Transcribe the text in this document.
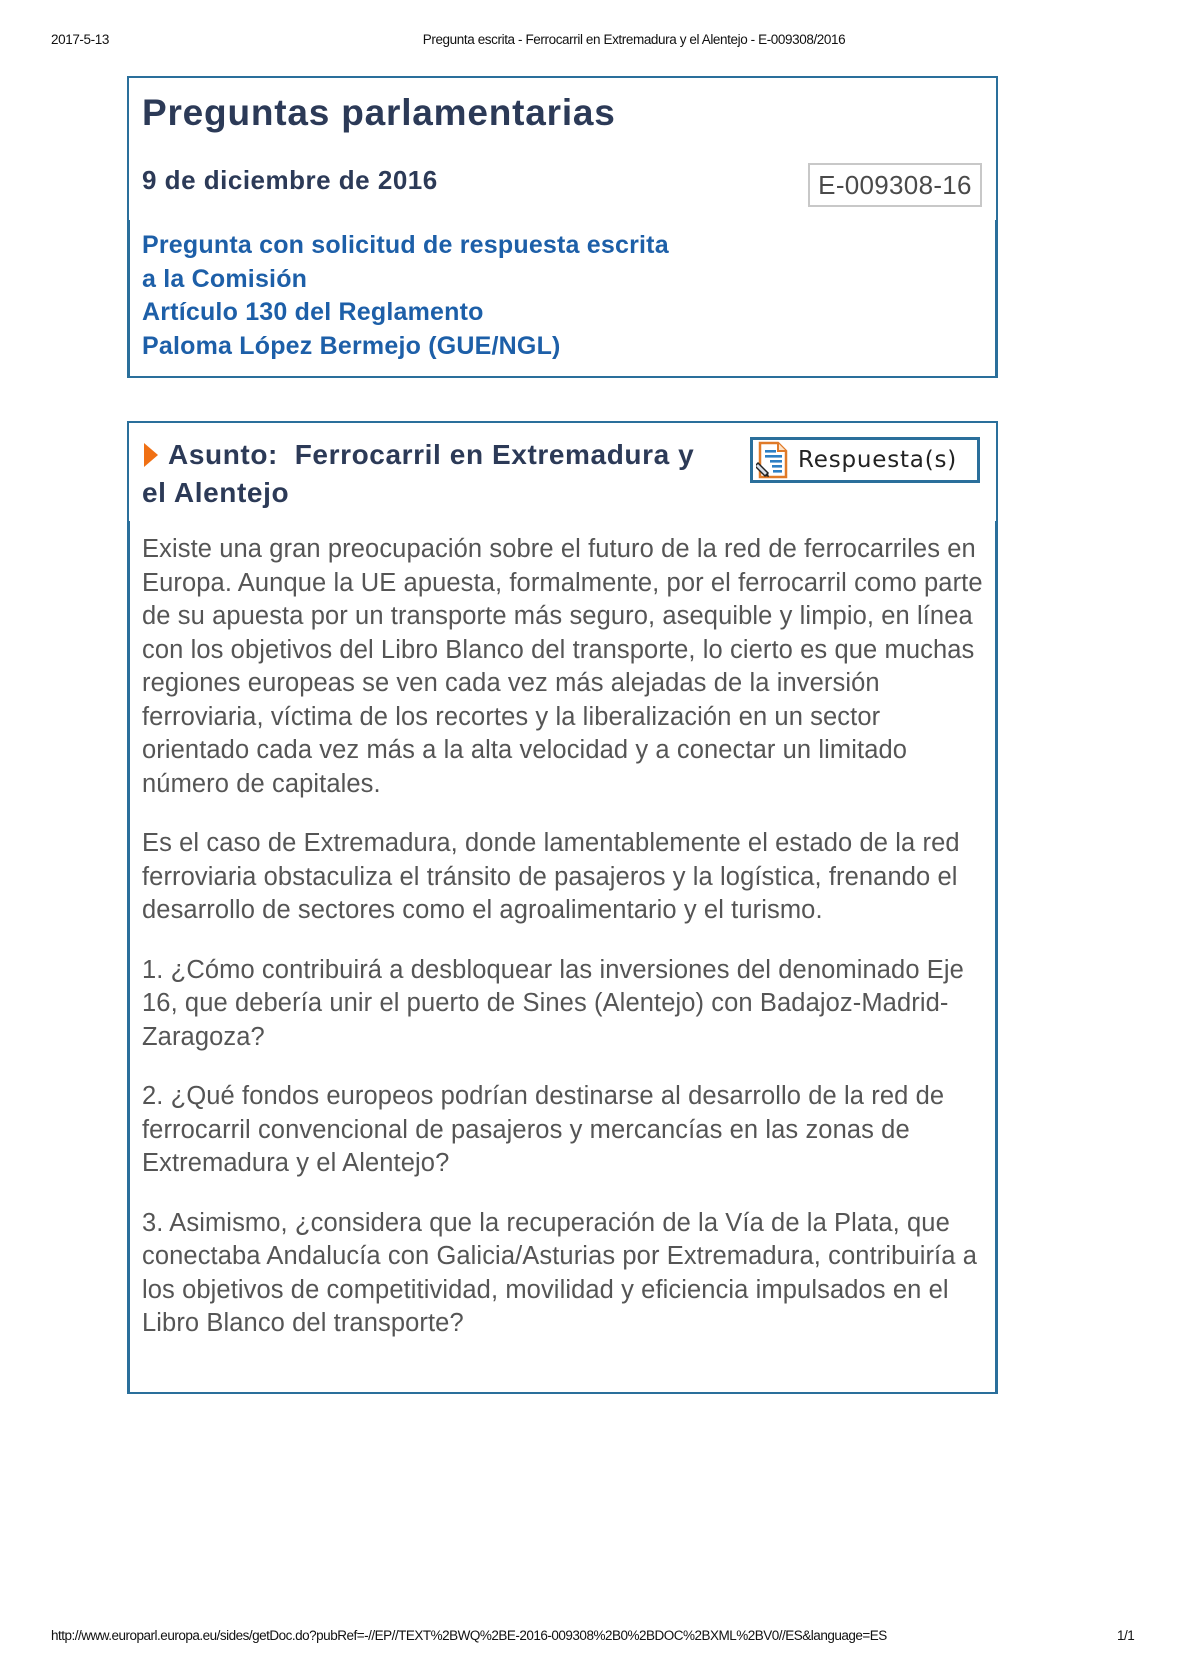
2017-5-13	Pregunta escrita - Ferrocarril en Extremadura y el Alentejo - E-009308/2016
Preguntas parlamentarias
9 de diciembre de 2016	E-009308-16
Pregunta con solicitud de respuesta escrita
a la Comisión
Artículo 130 del Reglamento
Paloma López Bermejo (GUE/NGL)
Asunto: Ferrocarril en Extremadura y el Alentejo
Respuesta(s)

Existe una gran preocupación sobre el futuro de la red de ferrocarriles en Europa. Aunque la UE apuesta, formalmente, por el ferrocarril como parte de su apuesta por un transporte más seguro, asequible y limpio, en línea con los objetivos del Libro Blanco del transporte, lo cierto es que muchas regiones europeas se ven cada vez más alejadas de la inversión ferroviaria, víctima de los recortes y la liberalización en un sector orientado cada vez más a la alta velocidad y a conectar un limitado número de capitales.

Es el caso de Extremadura, donde lamentablemente el estado de la red ferroviaria obstaculiza el tránsito de pasajeros y la logística, frenando el desarrollo de sectores como el agroalimentario y el turismo.

1. ¿Cómo contribuirá a desbloquear las inversiones del denominado Eje 16, que debería unir el puerto de Sines (Alentejo) con Badajoz-Madrid-Zaragoza?

2. ¿Qué fondos europeos podrían destinarse al desarrollo de la red de ferrocarril convencional de pasajeros y mercancías en las zonas de Extremadura y el Alentejo?

3. Asimismo, ¿considera que la recuperación de la Vía de la Plata, que conectaba Andalucía con Galicia/Asturias por Extremadura, contribuiría a los objetivos de competitividad, movilidad y eficiencia impulsados en el Libro Blanco del transporte?

http://www.europarl.europa.eu/sides/getDoc.do?pubRef=-//EP//TEXT%2BWQ%2BE-2016-009308%2B0%2BDOC%2BXML%2BV0//ES&language=ES	1/1
